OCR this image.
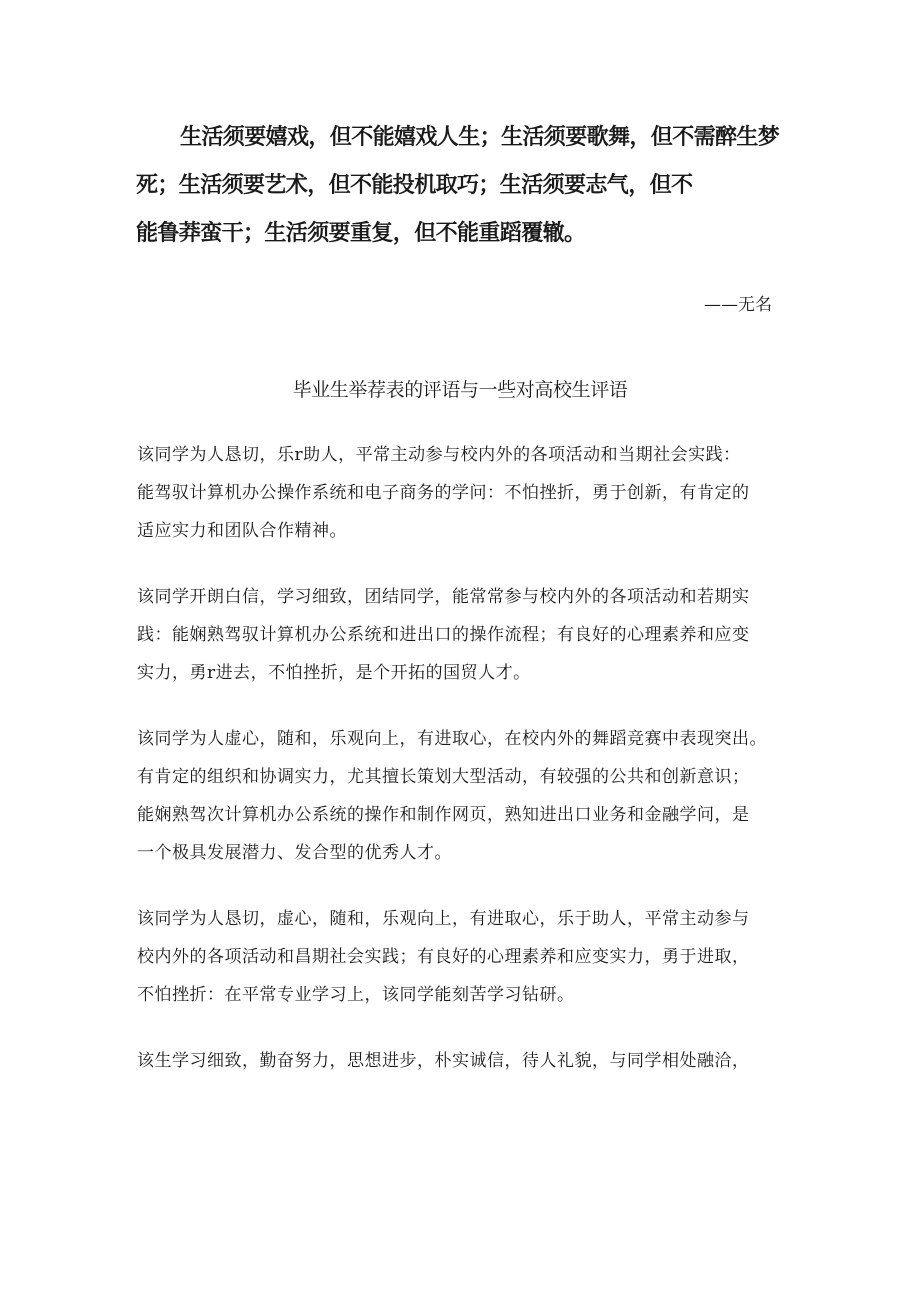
生活须要嬉戏，但不能嬉戏人生；生活须要歌舞，但不需醉生梦
死；生活须要艺术，但不能投机取巧；生活须要志气，但不
能鲁莽蛮干；生活须要重复，但不能重蹈覆辙。
——无名
毕业生举荐表的评语与一些对高校生评语
该同学为人恳切，乐r助人，平常主动参与校内外的各项活动和当期社会实践：
能驾驭计算机办公操作系统和电子商务的学问：不怕挫折，勇于创新，有肯定的
适应实力和团队合作精神。
该同学开朗白信，学习细致，团结同学，能常常参与校内外的各项活动和若期实
践：能娴熟驾驭计算机办公系统和进出口的操作流程；有良好的心理素养和应变
实力，勇r进去，不怕挫折，是个开拓的国贸人才。
该同学为人虚心，随和，乐观向上，有进取心，在校内外的舞蹈竞赛中表现突出。
有肯定的组织和协调实力，尤其擅长策划大型活动，有较强的公共和创新意识；
能娴熟驾次计算机办公系统的操作和制作网页，熟知进出口业务和金融学问，是
一个极具发展潜力、发合型的优秀人才。
该同学为人恳切，虚心，随和，乐观向上，有进取心，乐于助人，平常主动参与
校内外的各项活动和昌期社会实践；有良好的心理素养和应变实力，勇于进取，
不怕挫折：在平常专业学习上，该同学能刻苦学习钻研。
该生学习细致，勤奋努力，思想进步，朴实诚信，待人礼貌，与同学相处融洽，
